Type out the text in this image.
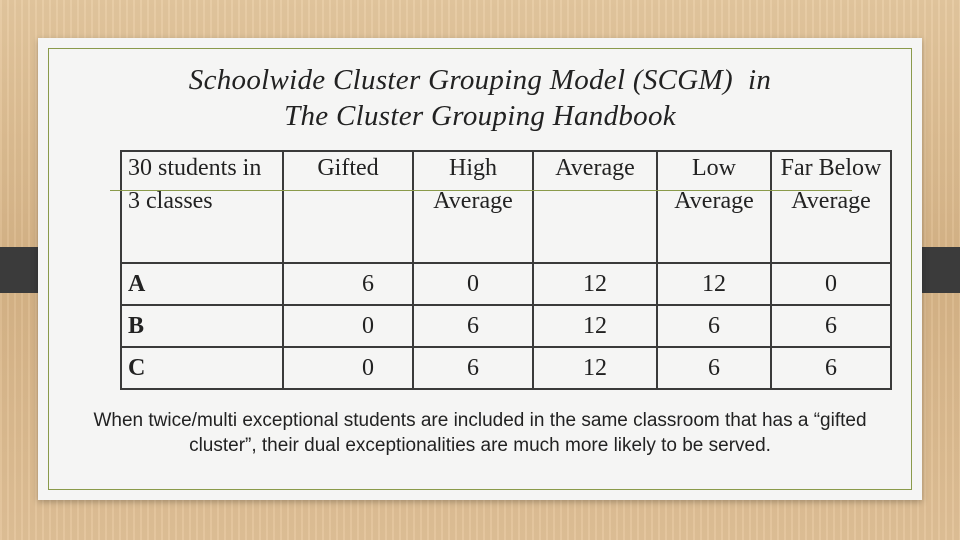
Schoolwide Cluster Grouping Model (SCGM)  in
The Cluster Grouping Handbook
30 students in 3 classes	Gifted	High Average	Average	Low Average	Far Below Average
A	6	0	12	12	0
B	0	6	12	6	6
C	0	6	12	6	6
When twice/multi exceptional students are included in the same classroom that has a “gifted cluster”, their dual exceptionalities are much more likely to be served.
